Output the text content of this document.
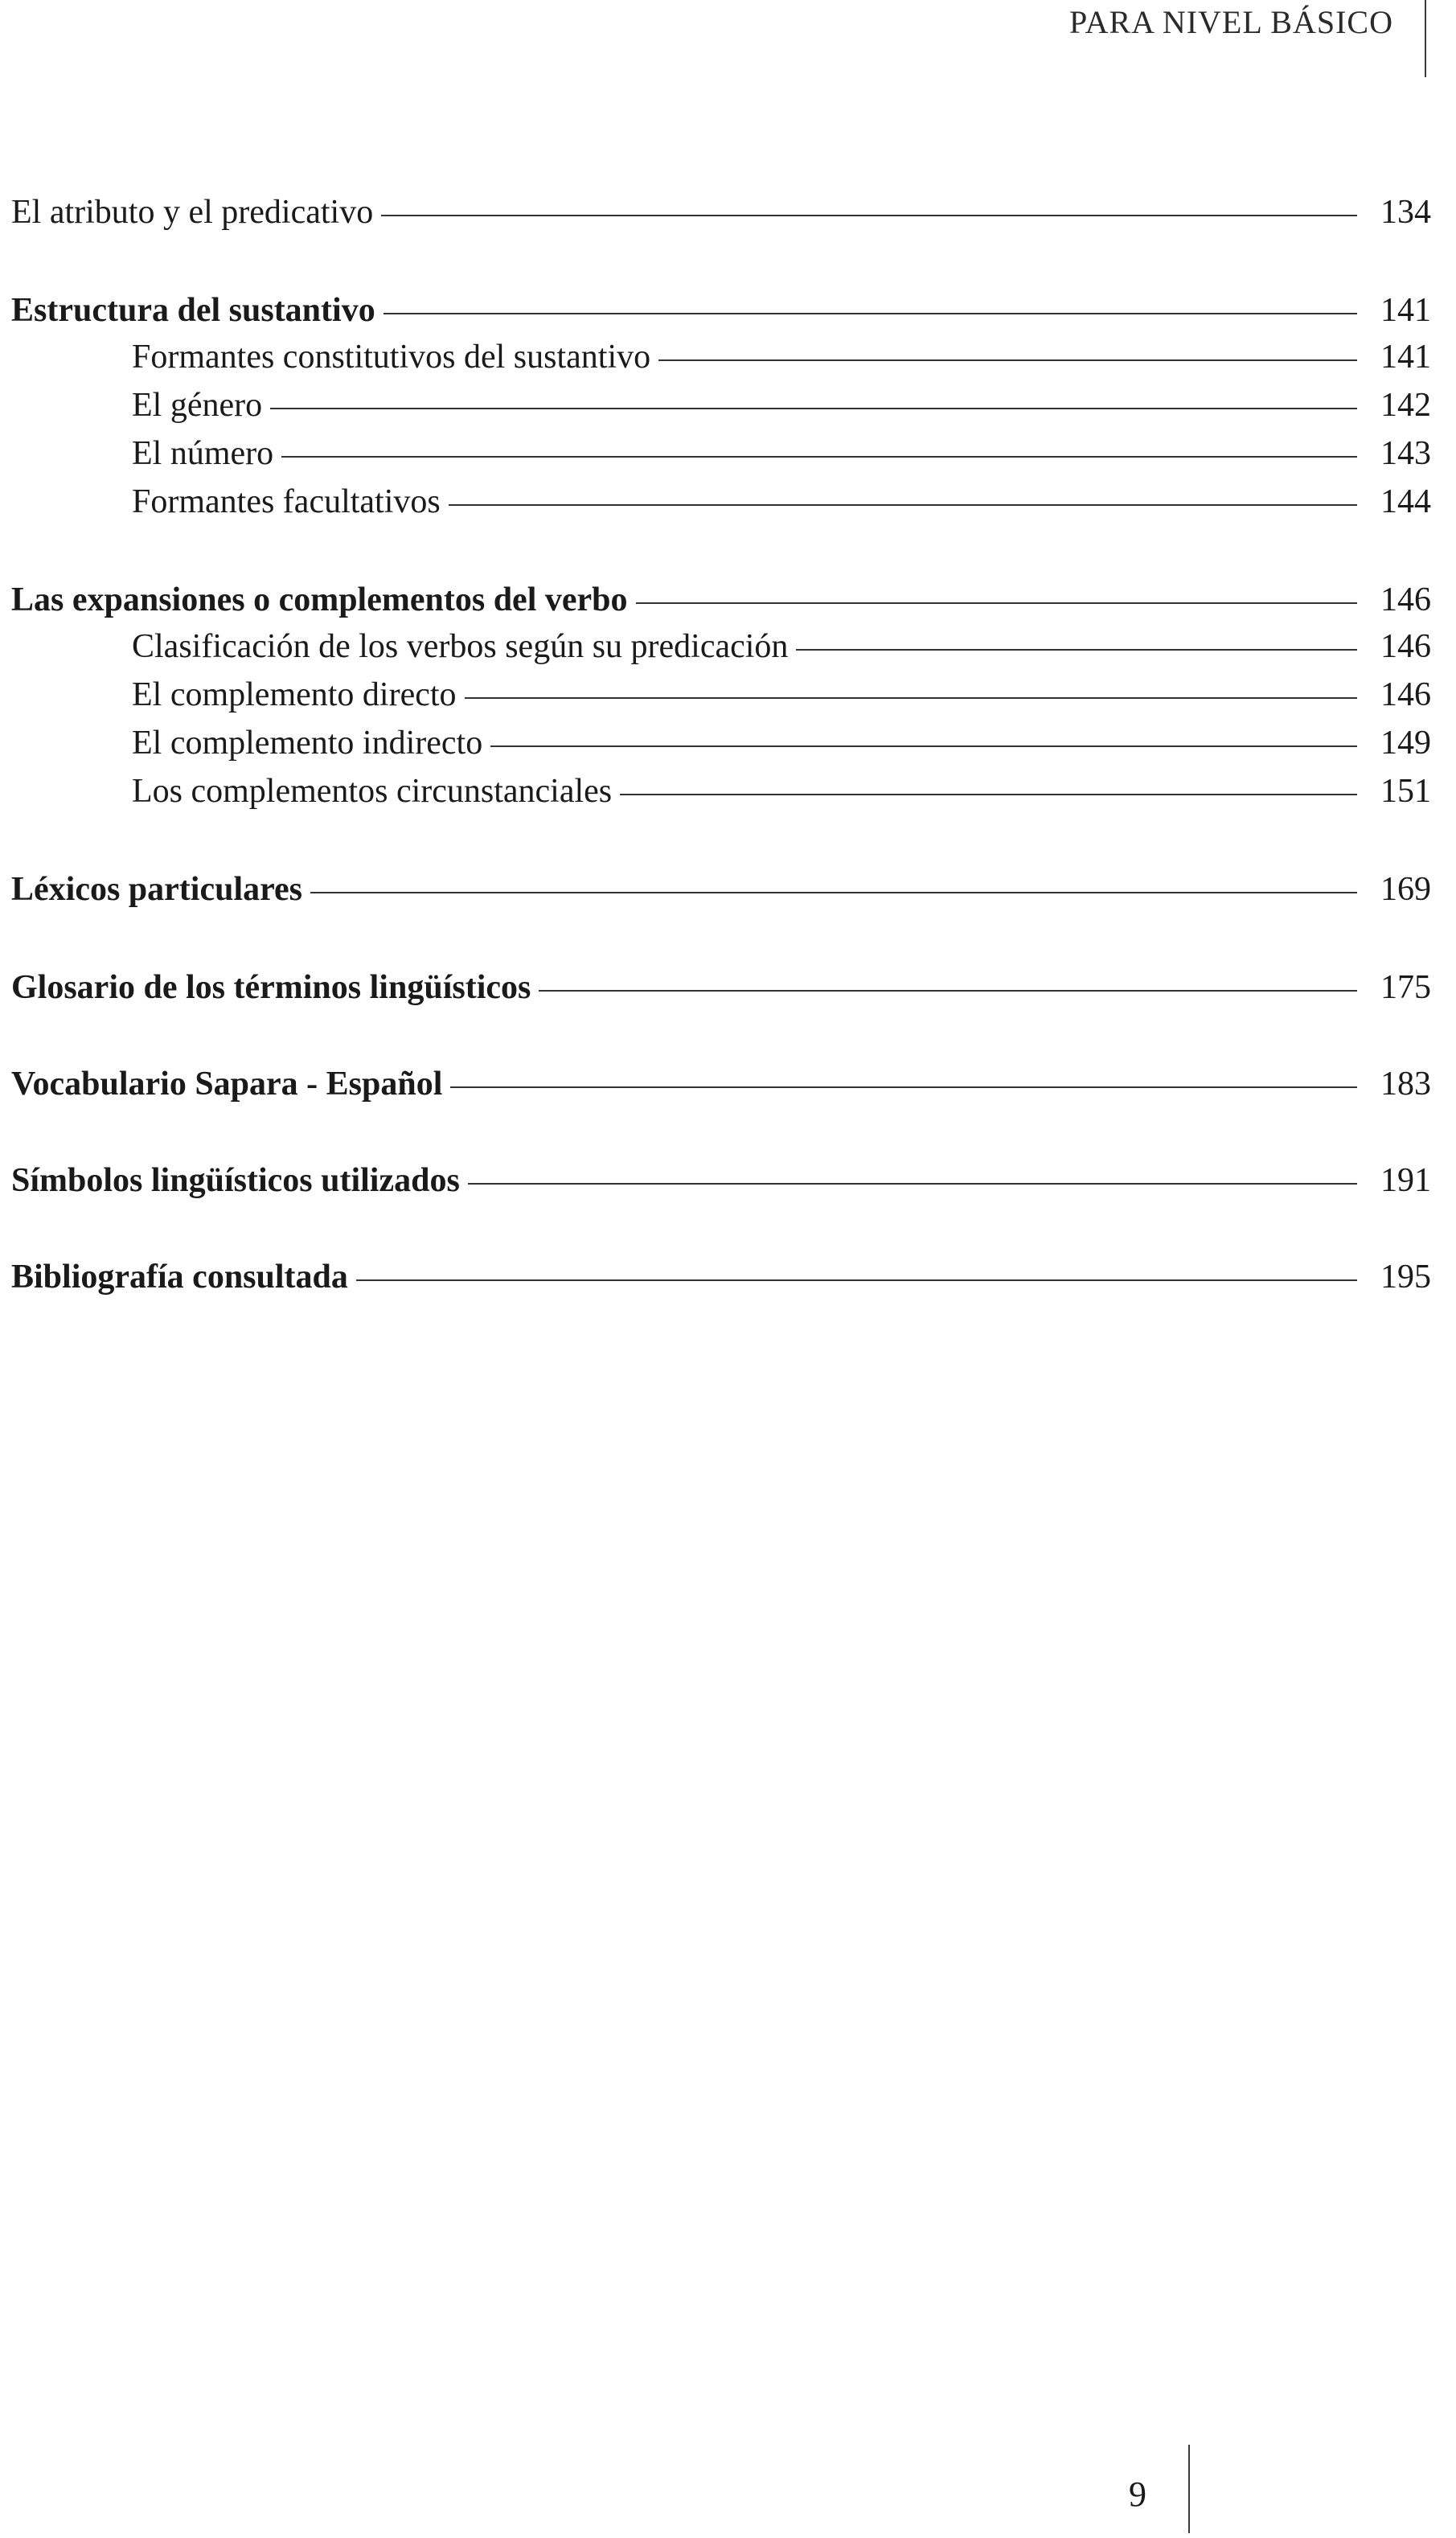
PARA NIVEL BÁSICO
El atributo y el predicativo	134
Estructura del sustantivo	141
Formantes constitutivos del sustantivo	141
El género	142
El número	143
Formantes facultativos	144
Las expansiones o complementos del verbo	146
Clasificación de los verbos según su predicación	146
El complemento directo	146
El complemento indirecto	149
Los complementos circunstanciales	151
Léxicos particulares	169
Glosario de los términos lingüísticos	175
Vocabulario Sapara - Español	183
Símbolos lingüísticos utilizados	191
Bibliografía consultada	195
9
